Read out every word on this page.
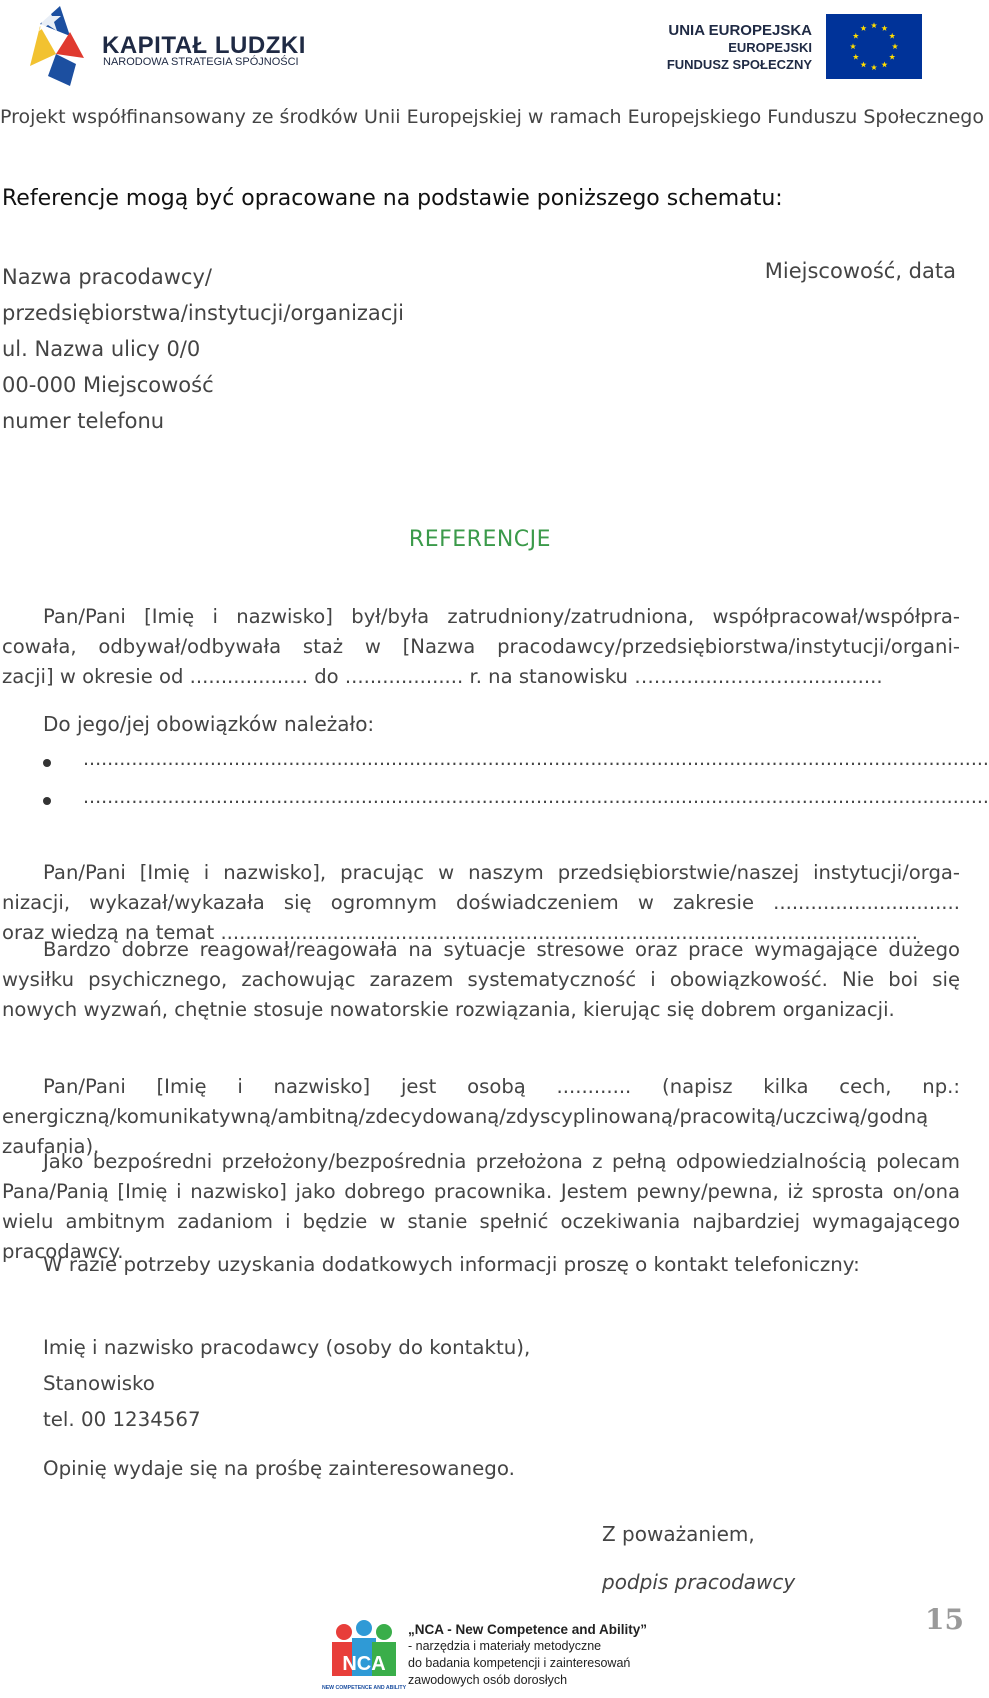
KAPITAŁ LUDZKI
NARODOWA STRATEGIA SPÓJNOŚCI
UNIA EUROPEJSKA
EUROPEJSKI
FUNDUSZ SPOŁECZNY
Projekt współfinansowany ze środków Unii Europejskiej w ramach Europejskiego Funduszu Społecznego
Referencje mogą być opracowane na podstawie poniższego schematu:
Nazwa pracodawcy/
przedsiębiorstwa/instytucji/organizacji
ul. Nazwa ulicy 0/0
00-000 Miejscowość
numer telefonu
Miejscowość, data
REFERENCJE
Pan/Pani [Imię i nazwisko] był/była zatrudniony/zatrudniona, współpracował/współpra-
cowała, odbywał/odbywała staż w [Nazwa pracodawcy/przedsiębiorstwa/instytucji/organi-
zacji] w okresie od ................... do ................... r. na stanowisku ………......………...............
Do jego/jej obowiązków należało:
......................................................................................................................................................
......................................................................................................................................................
Pan/Pani [Imię i nazwisko], pracując w naszym przedsiębiorstwie/naszej instytucji/orga-
nizacji, wykazał/wykazała się ogromnym doświadczeniem w zakresie ..............................
oraz wiedzą na temat ................................................................................................................
Bardzo dobrze reagował/reagowała na sytuacje stresowe oraz prace wymagające dużego wysiłku psychicznego, zachowując zarazem systematyczność i obowiązkowość. Nie boi się nowych wyzwań, chętnie stosuje nowatorskie rozwiązania, kierując się dobrem organizacji.
Pan/Pani [Imię i nazwisko] jest osobą ............ (napisz kilka cech, np.: energiczną/komunikatywną/ambitną/zdecydowaną/zdyscyplinowaną/pracowitą/uczciwą/godną zaufania).
Jako bezpośredni przełożony/bezpośrednia przełożona z pełną odpowiedzialnością polecam Pana/Panią [Imię i nazwisko] jako dobrego pracownika. Jestem pewny/pewna, iż sprosta on/ona wielu ambitnym zadaniom i będzie w stanie spełnić oczekiwania najbardziej wymagającego pracodawcy.
W razie potrzeby uzyskania dodatkowych informacji proszę o kontakt telefoniczny:
Imię i nazwisko pracodawcy (osoby do kontaktu),
Stanowisko
tel. 00 1234567
Opinię wydaje się na prośbę zainteresowanego.
Z poważaniem,
podpis pracodawcy
NCA
NEW COMPETENCE AND ABILITY
„NCA - New Competence and Ability”
- narzędzia i materiały metodyczne
do badania kompetencji i zainteresowań
zawodowych osób dorosłych
15
